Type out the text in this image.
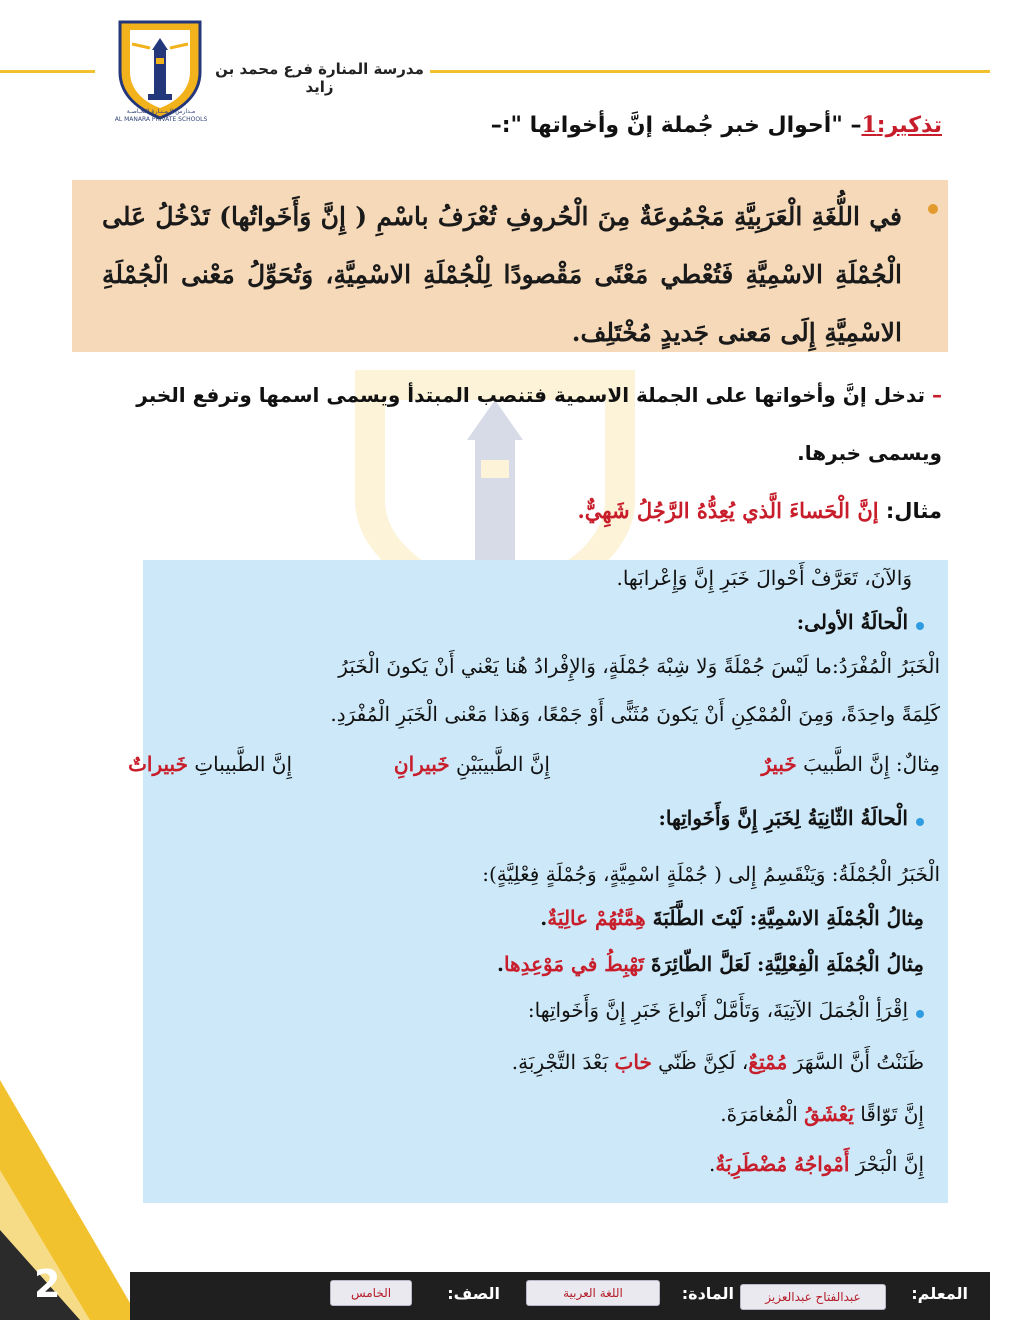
مـدارس الـمـنـارة الـخـاصـة
AL MANARA PRIVATE SCHOOLS
مدرسة المنارة فرع محمد بن زايد
تذكير:1– "أحوال خبر جُملة إنَّ وأخواتها ":–
في اللُّغَةِ الْعَرَبِيَّةِ مَجْمُوعَةٌ مِنَ الْحُروفِ تُعْرَفُ باسْمِ ( إِنَّ وَأَخَواتُها) تَدْخُلُ عَلى الْجُمْلَةِ الاسْمِيَّةِ فَتُعْطي مَعْنًى مَقْصودًا لِلْجُمْلَةِ الاسْمِيَّةِ، وَتُحَوِّلُ مَعْنى الْجُمْلَةِ الاسْمِيَّةِ إِلَى مَعنى جَديدٍ مُخْتَلِف.
– تدخل إنَّ وأخواتها على الجملة الاسمية فتنصب المبتدأ ويسمى اسمها وترفع الخبر ويسمى خبرها.
مثال: إنَّ الْحَساءَ الَّذي يُعِدُّهُ الرَّجُلُ شَهِيٌّ.
وَالآنَ، تَعَرَّفْ أَحْوالَ خَبَرِ إِنَّ وَإِعْرابَها.
الْحالَةُ الأولى:
الْخَبَرُ الْمُفْرَدُ:ما لَيْسَ جُمْلَةً وَلا شِبْهَ جُمْلَةٍ، وَالإِفْرادُ هُنا يَعْني أَنْ يَكونَ الْخَبَرُ
كَلِمَةً واحِدَةً، وَمِنَ الْمُمْكِنِ أَنْ يَكونَ مُثَنًّى أَوْ جَمْعًا، وَهَذا مَعْنى الْخَبَرِ الْمُفْرَدِ.
مِثالٌ: إِنَّ الطَّبيبَ خَبيرٌ
إِنَّ الطَّبيبَيْنِ خَبيرانِ
إِنَّ الطَّبيباتِ خَبيراتٌ
الْحالَةُ الثّانِيَةُ لِخَبَرِ إِنَّ وَأَخَواتِها:
الْخَبَرُ الْجُمْلَةُ: وَيَنْقَسِمُ إِلى ( جُمْلَةٍ اسْمِيَّةٍ، وَجُمْلَةٍ فِعْلِيَّةٍ):
مِثالُ الْجُمْلَةِ الاسْمِيَّةِ: لَيْتَ الطَّلَبَةَ هِمَّتُهُمْ عالِيَةٌ.
مِثالُ الْجُمْلَةِ الْفِعْلِيَّةِ: لَعَلَّ الطّائِرَةَ تَهْبِطُ في مَوْعِدِها.
اِقْرَأِ الْجُمَلَ الآتِيَةَ، وَتَأَمَّلْ أَنْواعَ خَبَرِ إِنَّ وَأَخَواتِها:
ظَنَنْتُ أَنَّ السَّهَرَ مُمْتِعٌ، لَكِنَّ ظَنّي خابَ بَعْدَ التَّجْرِبَةِ.
إِنَّ تَوّاقًا يَعْشَقُ الْمُغامَرَةَ.
إِنَّ الْبَحْرَ أَمْواجُهُ مُضْطَرِبَةٌ.
2	المعلم:
عبدالفتاح عبدالعزيز
المادة:
اللغة العربية
الصف:
الخامس
